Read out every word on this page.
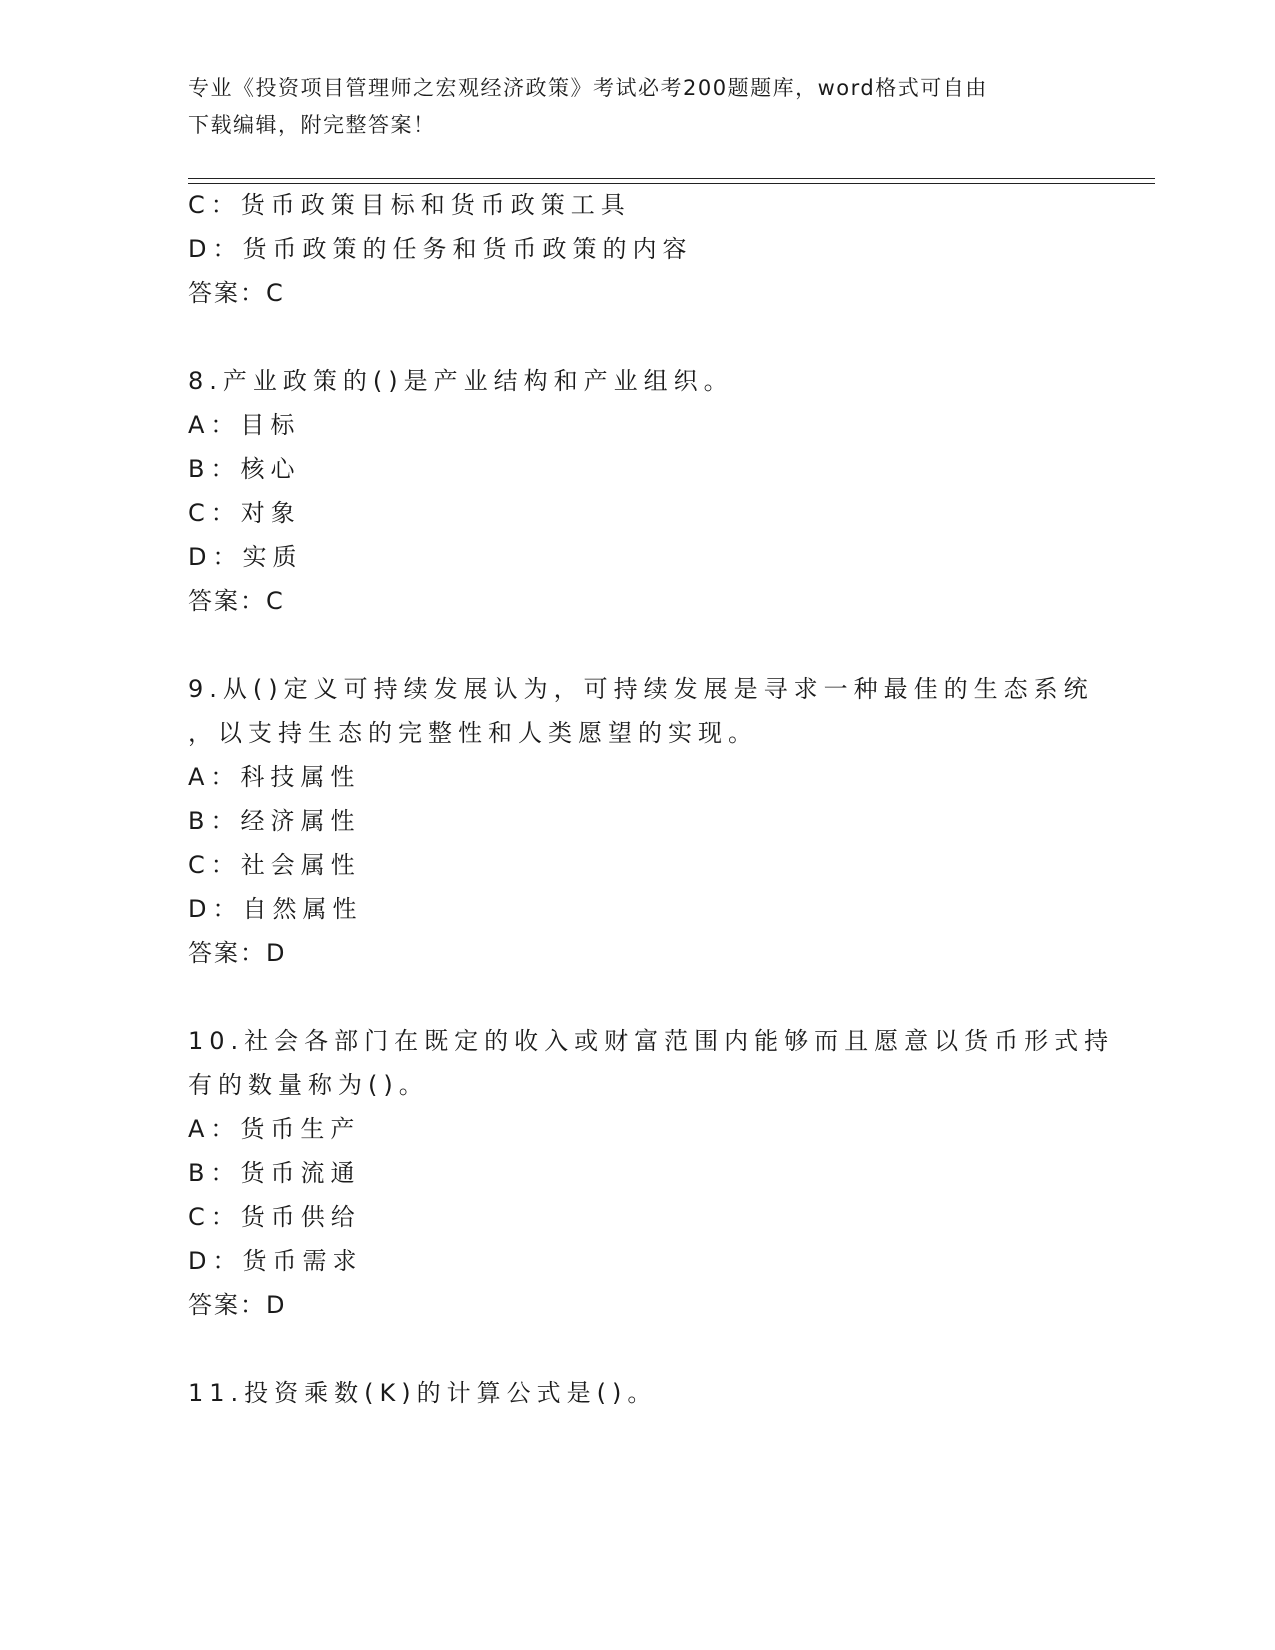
专业《投资项目管理师之宏观经济政策》考试必考200题题库，word格式可自由
下载编辑，附完整答案！
C：货币政策目标和货币政策工具
D：货币政策的任务和货币政策的内容
答案：C
8.产业政策的()是产业结构和产业组织。
A：目标
B：核心
C：对象
D：实质
答案：C
9.从()定义可持续发展认为，可持续发展是寻求一种最佳的生态系统
，以支持生态的完整性和人类愿望的实现。
A：科技属性
B：经济属性
C：社会属性
D：自然属性
答案：D
10.社会各部门在既定的收入或财富范围内能够而且愿意以货币形式持
有的数量称为()。
A：货币生产
B：货币流通
C：货币供给
D：货币需求
答案：D
11.投资乘数(K)的计算公式是()。
